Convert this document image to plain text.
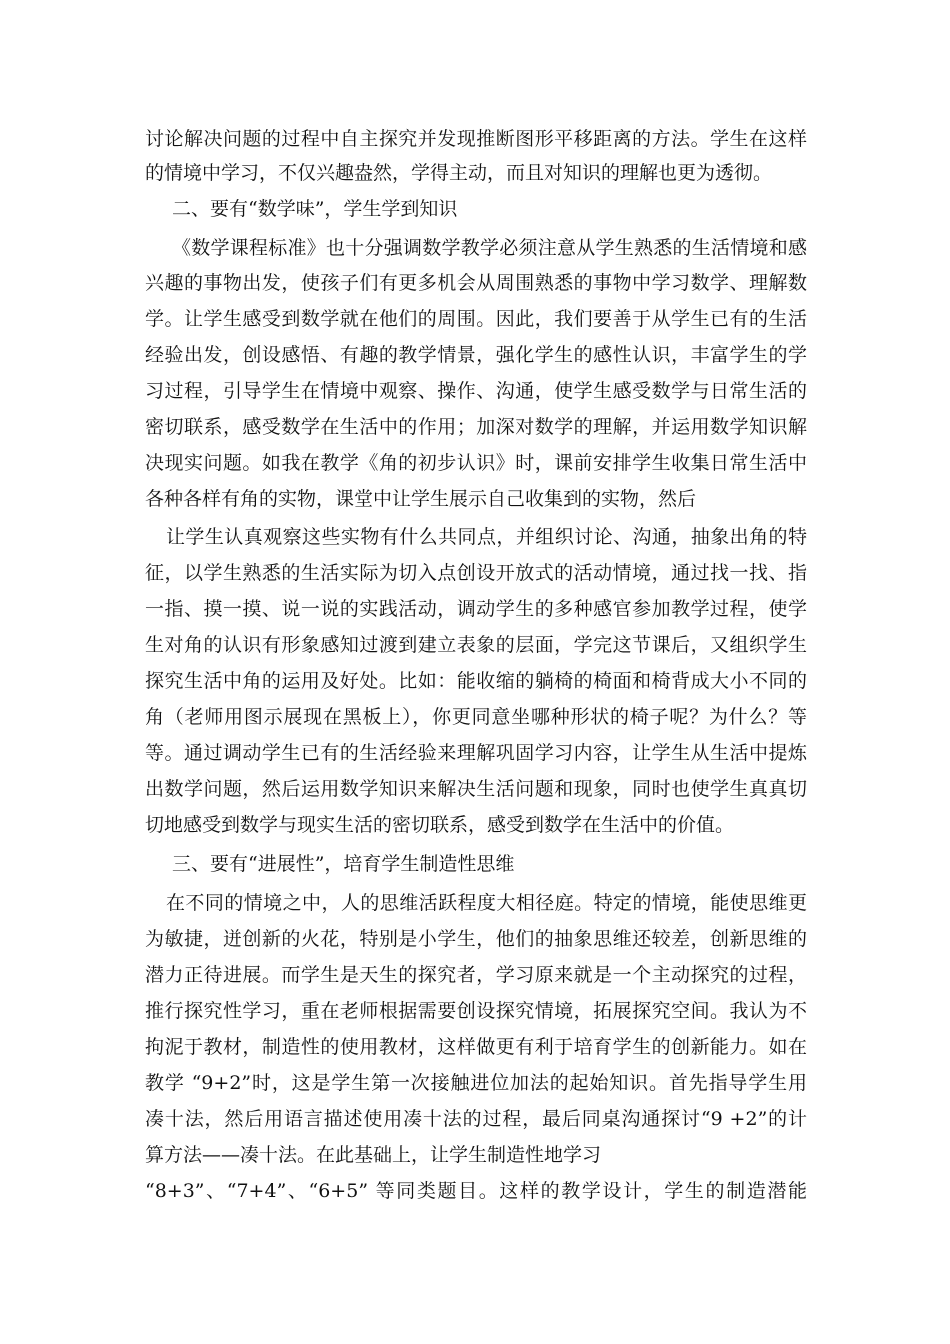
讨论解决问题的过程中自主探究并发现推断图形平移距离的方法。学生在这样
的情境中学习，不仅兴趣盎然，学得主动，而且对知识的理解也更为透彻。
二、要有“数学味”，学生学到知识
《数学课程标准》也十分强调数学教学必须注意从学生熟悉的生活情境和感
兴趣的事物出发，使孩子们有更多机会从周围熟悉的事物中学习数学、理解数
学。让学生感受到数学就在他们的周围。因此，我们要善于从学生已有的生活
经验出发，创设感悟、有趣的教学情景，强化学生的感性认识，丰富学生的学
习过程，引导学生在情境中观察、操作、沟通，使学生感受数学与日常生活的
密切联系，感受数学在生活中的作用；加深对数学的理解，并运用数学知识解
决现实问题。如我在教学《角的初步认识》时，课前安排学生收集日常生活中
各种各样有角的实物，课堂中让学生展示自己收集到的实物，然后
让学生认真观察这些实物有什么共同点，并组织讨论、沟通，抽象出角的特
征，以学生熟悉的生活实际为切入点创设开放式的活动情境，通过找一找、指
一指、摸一摸、说一说的实践活动，调动学生的多种感官参加教学过程，使学
生对角的认识有形象感知过渡到建立表象的层面，学完这节课后，又组织学生
探究生活中角的运用及好处。比如：能收缩的躺椅的椅面和椅背成大小不同的
角（老师用图示展现在黑板上），你更同意坐哪种形状的椅子呢？为什么？等
等。通过调动学生已有的生活经验来理解巩固学习内容，让学生从生活中提炼
出数学问题，然后运用数学知识来解决生活问题和现象，同时也使学生真真切
切地感受到数学与现实生活的密切联系，感受到数学在生活中的价值。
三、要有“进展性”，培育学生制造性思维
在不同的情境之中，人的思维活跃程度大相径庭。特定的情境，能使思维更
为敏捷，迸创新的火花，特别是小学生，他们的抽象思维还较差，创新思维的
潜力正待进展。而学生是天生的探究者，学习原来就是一个主动探究的过程，
推行探究性学习，重在老师根据需要创设探究情境，拓展探究空间。我认为不
拘泥于教材，制造性的使用教材，这样做更有利于培育学生的创新能力。如在
教学 “9+2”时，这是学生第一次接触进位加法的起始知识。首先指导学生用
凑十法，然后用语言描述使用凑十法的过程，最后同桌沟通探讨“9 +2”的计
算方法——凑十法。在此基础上，让学生制造性地学习
“8+3”、“7+4”、“6+5” 等同类题目。这样的教学设计，学生的制造潜能
